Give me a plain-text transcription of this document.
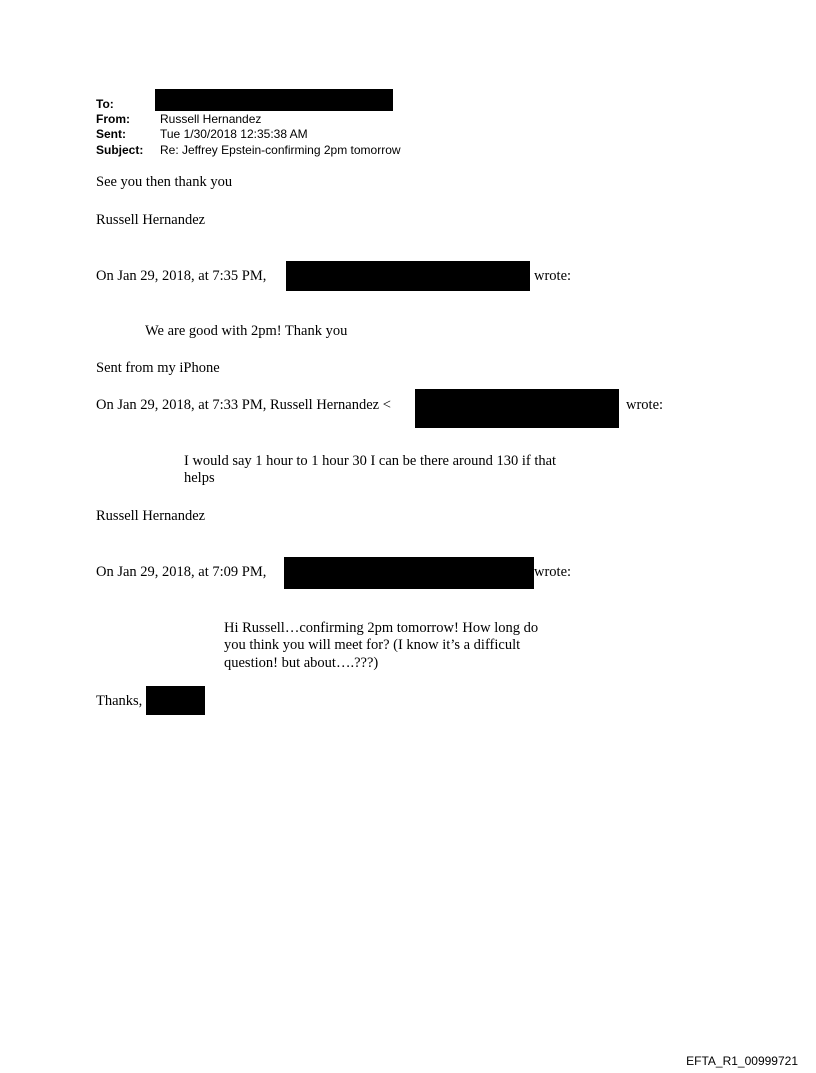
To:
From:	Russell Hernandez
Sent:	Tue 1/30/2018 12:35:38 AM
Subject: Re: Jeffrey Epstein-confirming 2pm tomorrow
See you then thank you
Russell Hernandez
On Jan 29, 2018, at 7:35 PM,	wrote:
We are good with 2pm! Thank you
Sent from my iPhone
On Jan 29, 2018, at 7:33 PM, Russell Hernandez <	wrote:
I would say 1 hour to 1 hour 30 I can be there around 130 if that
helps
Russell Hernandez
On Jan 29, 2018, at 7:09 PM,	wrote:
Hi Russell…confirming 2pm tomorrow! How long do
you think you will meet for? (I know it’s a difficult
question! but about….???)
Thanks,
EFTA_R1_00999721
